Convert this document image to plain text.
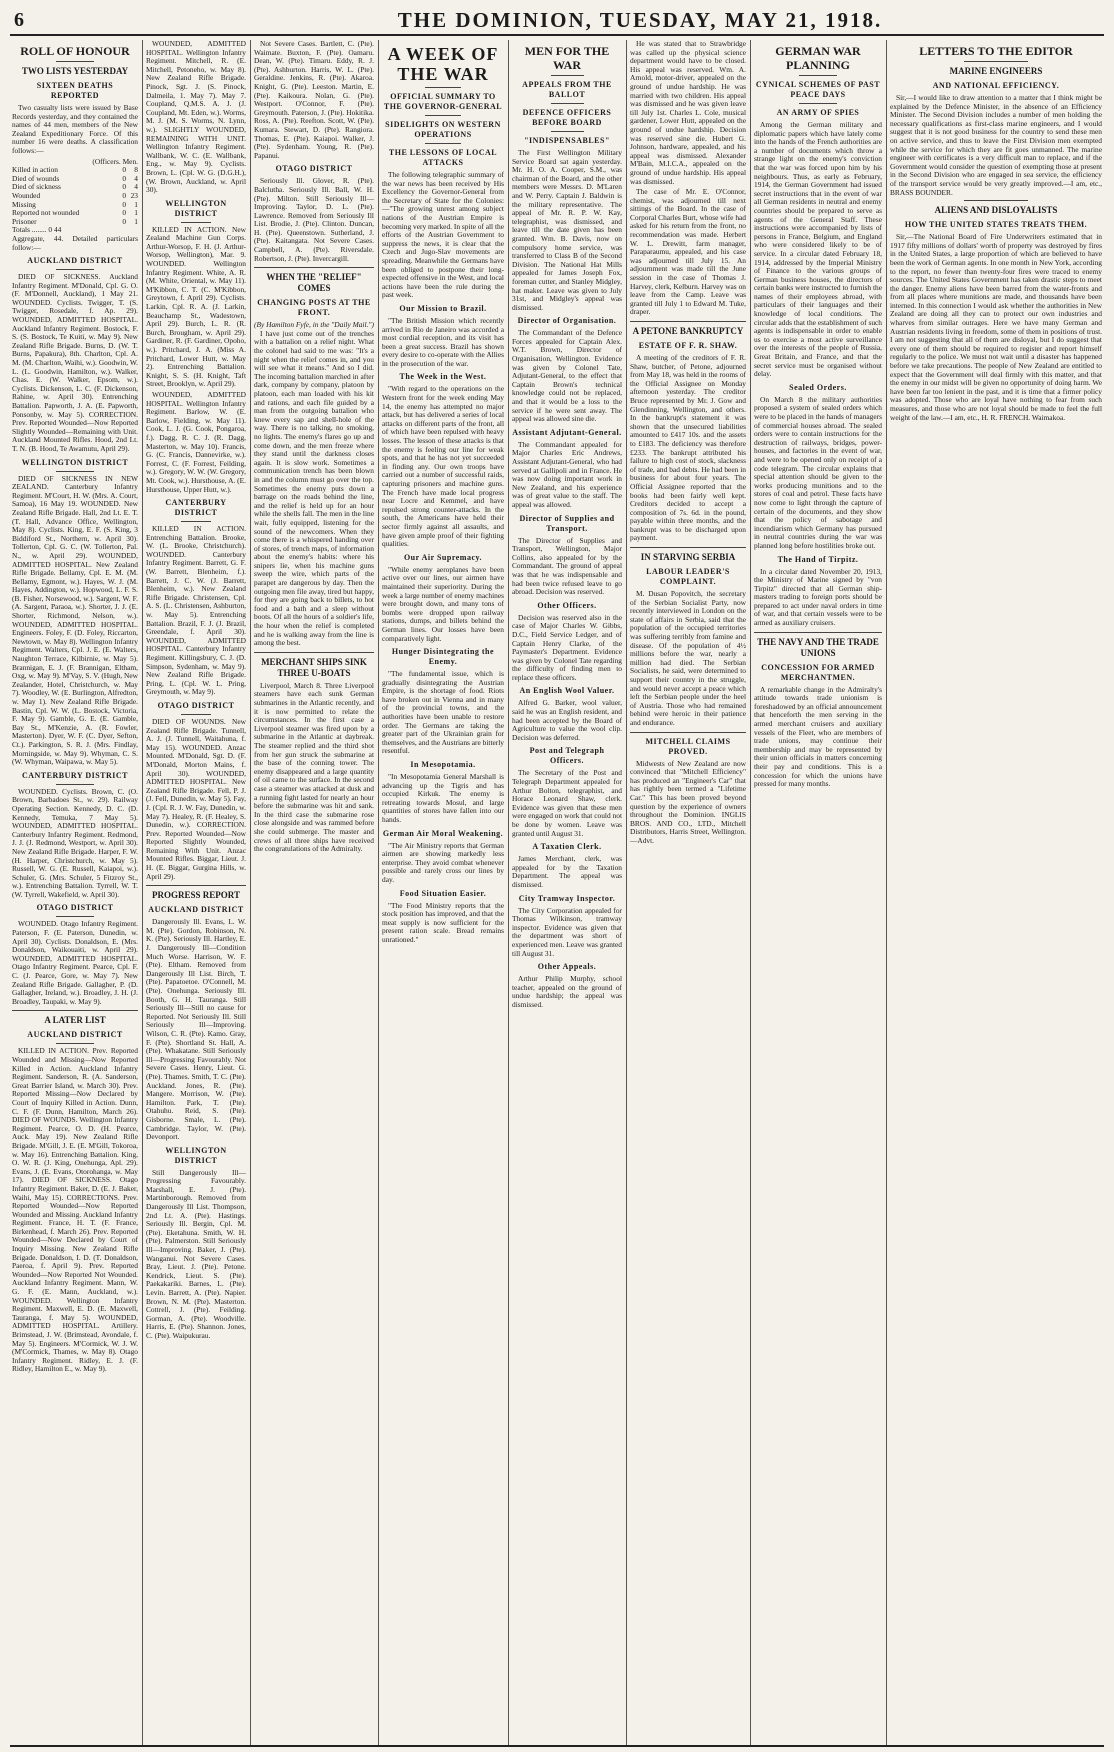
6	THE DOMINION, TUESDAY, MAY 21, 1918.
ROLL OF HONOUR
TWO LISTS YESTERDAY
SIXTEEN DEATHS REPORTED

Two casualty lists were issued by Base Records yesterday, and they contained the names of 44 men, members of the New Zealand Expeditionary Force. Of this number 16 were deaths. A classification follows:—

(Officers. Men.
Killed in action	0	8
Died of wounds	0	4
Died of sickness	0	4
Wounded	0	23
Missing	0	1
Reported not wounded	0	1
Prisoner	0	1
Totals ........ 0 44
Aggregate, 44. Detailed particulars follow:—
AUCKLAND DISTRICT

DIED OF SICKNESS. Auckland Infantry Regiment. M'Donald, Cpl. G. O. (F. M'Donnell, Auckland), 1 May 21. WOUNDED. Cyclists. Twigger, T. (S. Twigger, Rosedale, f. Ap. 29). WOUNDED, ADMITTED HOSPITAL. Auckland Infantry Regiment. Bostock, F. S. (S. Bostock, Te Kuiti, w. May 9). New Zealand Rifle Brigade. Burns, D. (W. T. Burns, Papakura), 8th. Charlton, Cpl. A. M. (M. Charlton, Waihi, w.). Goodwin, W. L. (L. Goodwin, Hamilton, w.). Walker, Chas. E. (W. Walker, Epsom, w.). Cyclists. Dickenson, L. C. (F. Dickenson, Rahine, w. April 30). Entrenching Battalion. Papworth, J. A. (E. Papworth, Ponsonby, w. May 5). CORRECTION. Prev. Reported Wounded—Now Reported Slightly Wounded—Remaining with Unit. Auckland Mounted Rifles. Hood, 2nd Lt. T. N. (B. Hood, Te Awamutu, April 29).

WELLINGTON DISTRICT

DIED OF SICKNESS IN NEW ZEALAND. Canterbury Infantry Regiment. M'Court, H. W. (Mrs. A. Court, Samoa), 16 May 19. WOUNDED. New Zealand Rifle Brigade. Hall, 2nd Lt. E. T. (T. Hall, Advance Office, Wellington, May 8). Cyclists. King, E. F. (S. King, 3 Biddiford St., Northern, w. April 30). Tollerton, Cpl. G. C. (W. Tollerton, Pal. N., w. April 29). WOUNDED, ADMITTED HOSPITAL. New Zealand Rifle Brigade. Bellamy, Cpl. E. M. (M. Bellamy, Egmont, w.). Hayes, W. J. (M. Hayes, Addington, w.). Hopwood, L. F. S. (B. Fisher, Norsewood, w.). Sargent, W. F. (A. Sargent, Paraoa, w.). Shorter, J. J. (E. Shorter, Richmond, Nelson, w.). WOUNDED, ADMITTED HOSPITAL. Engineers. Foley, F. (D. Foley, Riccarton, Newtown, w. May 8). Wellington Infantry Regiment. Walters, Cpl. J. E. (E. Walters, Naughton Terrace, Kilbirnie, w. May 5). Brannigan, E. J. (F. Brannigan, Eltham, Oxg, w. May 9). M'Vay, S. V. (Hugh, New Zealander, Hotel, Christchurch, w. May 7). Woodley, W. (E. Burlington, Alfredton, w. May 1). New Zealand Rifle Brigade. Bastin, Cpl. W. W. (L. Bostock, Victoria, F. May 9). Gamble, G. E. (E. Gamble, Bay St., M'Kenzie, A. (R. Fowler, Masterton). Dyer, W. F. (C. Dyer, Sefton, Ct.). Parkington, S. R. J. (Mrs. Findlay, Morningside, w. May 9). Whyman, C. S. (W. Whyman, Waipawa, w. May 5).

CANTERBURY DISTRICT

WOUNDED. Cyclists. Brown, C. (O. Brown, Barbadoes St., w. 29). Railway Operating Section. Kennedy, D. C. (D. Kennedy, Temuka, 7 May 5). WOUNDED, ADMITTED HOSPITAL. Canterbury Infantry Regiment. Redmond, J. J. (J. Redmond, Westport, w. April 30). New Zealand Rifle Brigade. Harper, F. W. (H. Harper, Christchurch, w. May 5). Russell, W. G. (E. Russell, Kaiapoi, w.). Schuler, G. (Mrs. Schuler, 5 Fitzroy St., w.). Entrenching Battalion. Tyrrell, W. T. (W. Tyrrell, Wakefield, w. April 30).

OTAGO DISTRICT

WOUNDED. Otago Infantry Regiment. Paterson, F. (E. Paterson, Dunedin, w. April 30). Cyclists. Donaldson, E. (Mrs. Donaldson, Waikouaiti, w. April 29). WOUNDED, ADMITTED HOSPITAL. Otago Infantry Regiment. Pearce, Cpl. F. C. (J. Pearce, Gore, w. May 7). New Zealand Rifle Brigade. Gallagher, P. (D. Gallagher, Ireland, w.). Broadley, J. H. (J. Broadley, Taupaki, w. May 9).

A LATER LIST
AUCKLAND DISTRICT

KILLED IN ACTION. Prev. Reported Wounded and Missing—Now Reported Killed in Action. Auckland Infantry Regiment. Sanderson, R. (A. Sanderson, Great Barrier Island, w. March 30). Prev. Reported Missing—Now Declared by Court of Inquiry Killed in Action. Dunn, C. F. (F. Dunn, Hamilton, March 26). DIED OF WOUNDS. Wellington Infantry Regiment. Pearce, O. D. (H. Pearce, Auck. May 19). New Zealand Rifle Brigade. M'Gill, J. E. (E. M'Gill, Tokoroa, w. May 16). Entrenching Battalion. King, O. W. R. (J. King, Onehunga, Apl. 29). Evans, J. (E. Evans, Otorohanga, w. May 17). DIED OF SICKNESS. Otago Infantry Regiment. Baker, D. (E. J. Baker, Waihi, May 15). CORRECTIONS. Prev. Reported Wounded—Now Reported Wounded and Missing. Auckland Infantry Regiment. France, H. T. (F. France, Birkenhead, f. March 26). Prev. Reported Wounded—Now Declared by Court of Inquiry Missing. New Zealand Rifle Brigade. Donaldson, I. D. (T. Donaldson, Paeroa, f. April 9). Prev. Reported Wounded—Now Reported Not Wounded. Auckland Infantry Regiment. Mann, W. G. F. (E. Mann, Auckland, w.). WOUNDED. Wellington Infantry Regiment. Maxwell, E. D. (E. Maxwell, Tauranga, f. May 5). WOUNDED, ADMITTED HOSPITAL. Artillery. Brimstead, J. W. (Brimstead, Avondale, f. May 5). Engineers. M'Cormick, W. J. W. (M'Cormick, Thames, w. May 8). Otago Infantry Regiment. Ridley, E. J. (F. Ridley, Hamilton E., w. May 9).

WOUNDED, ADMITTED HOSPITAL. Wellington Infantry Regiment. Mitchell, R. (E. Mitchell, Petoneho, w. May 8). New Zealand Rifle Brigade. Pinock, Sgt. J. (S. Pinock, Dalmeila, 1. May 7). May 7. Coupland, Q.M.S. A. J. (J. Coupland, Mt. Eden, w.). Worms, M. J. (M. S. Worms, N. Lynn, w.). SLIGHTLY WOUNDED, REMAINING WITH UNIT. Wellington Infantry Regiment. Wallbank, W. C. (E. Wallbank, Eng., w. May 9). Cyclists. Brown, L. (Cpl. W. G. (D.G.H.), (W. Brown, Auckland, w. April 30).

WELLINGTON DISTRICT

KILLED IN ACTION. New Zealand Machine Gun Corps. Arthur-Worsop, F. H. (J. Arthur-Worsop, Wellington), Mar. 9. WOUNDED. Wellington Infantry Regiment. White, A. R. (M. White, Oriental, w. May 11). M'Kibbon, C. T. (C. M'Kibbon, Greytown, f. April 29). Cyclists. Larkin, Cpl. R. A. (J. Larkin, Beauchamp St., Wadestown, April 29). Burch, L. R. (R. Burch, Brougham, w. April 29). Gardiner, R. (F. Gardiner, Opoho, w.). Pritchard, J. A. (Miss A. Pritchard, Lower Hutt, w. May 2). Entrenching Battalion. Knight, S. S. (H. Knight, Taft Street, Brooklyn, w. April 29).

WOUNDED, ADMITTED HOSPITAL. Wellington Infantry Regiment. Barlow, W. (E. Barlow, Fielding, w. May 11). Cook, L. J. (G. Cook, Pongaroa, f.). Dagg, R. C. J. (R. Dagg, Masterton, w. May 10). Francis, G. (C. Francis, Dannevirke, w.). Forrest, C. (F. Forrest, Feilding, w.). Gregory, W. W. (W. Gregory, Mt. Cook, w.). Hursthouse, A. (E. Hursthouse, Upper Hutt, w.).

CANTERBURY DISTRICT

KILLED IN ACTION. Entrenching Battalion. Brooke, W. (L. Brooke, Christchurch). WOUNDED. Canterbury Infantry Regiment. Barrett, G. F. (W. Barrett, Blenheim, f.). Barrett, J. C. W. (J. Barrett, Blenheim, w.). New Zealand Rifle Brigade. Christensen, Cpl. A. S. (L. Christensen, Ashburton, w. May 5). Entrenching Battalion. Brazil, F. J. (J. Brazil, Greendale, f. April 30). WOUNDED, ADMITTED HOSPITAL. Canterbury Infantry Regiment. Killingsbury, C. J. (D. Simpson, Sydenham, w. May 9). New Zealand Rifle Brigade. Pring, L. (Cpl. W. L. Pring, Greymouth, w. May 9).

OTAGO DISTRICT

DIED OF WOUNDS. New Zealand Rifle Brigade. Tunnell, A. J. (J. Tunnell, Waitahuna, f. May 15). WOUNDED. Anzac Mounted. M'Donald, Sgt. D. (F. M'Donald, Morton Mains, f. April 30). WOUNDED, ADMITTED HOSPITAL. New Zealand Rifle Brigade. Fell, P. J. (J. Fell, Dunedin, w. May 5). Fay, J. (Cpl. R. J. W. Fay, Dunedin, w. May 7). Healey, R. (F. Healey, S. Dunedin, w.). CORRECTION. Prev. Reported Wounded—Now Reported Slightly Wounded, Remaining With Unit. Anzac Mounted Rifles. Biggar, Lieut. J. H. (E. Biggar, Gurgina Hills, w. April 29).

PROGRESS REPORT
AUCKLAND DISTRICT

Dangerously Ill. Evans, L. W. M. (Pte). Gordon, Robinson, N. K. (Pte). Seriously Ill. Hartley, E. J. Dangerously Ill—Condition Much Worse. Harrison, W. F. (Pte). Eltham. Removed from Dangerously Ill List. Birch, T. (Pte). Papatoetoe. O'Connell, M. (Pte). Onehunga. Seriously Ill. Booth, G. H. Tauranga. Still Seriously Ill—Still no cause for Reported. Not Seriously Ill. Still Seriously Ill—Improving. Wilson, C. R. (Pte). Kamo. Gray, F. (Pte). Shortland St. Hall, A. (Pte). Whakatane. Still Seriously Ill—Progressing Favourably. Not Severe Cases. Henry, Lieut. G. (Pte). Thames. Smith, T. C. (Pte). Auckland. Jones, R. (Pte). Mangere. Morrison, W. (Pte). Hamilton. Park, T. (Pte). Otahuhu. Reid, S. (Pte). Gisborne. Smale, L. (Pte). Cambridge. Taylor, W. (Pte). Devonport.

WELLINGTON DISTRICT

Still Dangerously Ill—Progressing Favourably. Marshall, E. J. (Pte). Martinborough. Removed from Dangerously Ill List. Thompson, 2nd Lt. A. (Pte). Hastings. Seriously Ill. Bergin, Cpl. M. (Pte). Eketahuna. Smith, W. H. (Pte). Palmerston. Still Seriously Ill—Improving. Baker, J. (Pte). Wanganui. Not Severe Cases. Bray, Lieut. J. (Pte). Petone. Kendrick, Lieut. S. (Pte). Paekakariki. Barnes, L. (Pte). Levin. Barrett, A. (Pte). Napier. Brown, N. M. (Pte). Masterton. Cottrell, J. (Pte). Feilding. Gorman, A. (Pte). Woodville. Harris, E. (Pte). Shannon. Jones, C. (Pte). Waipukurau.

Not Severe Cases. Bartlett, C. (Pte). Waimate. Buxton, F. (Pte). Oamaru. Dean, W. (Pte). Timaru. Eddy, R. J. (Pte). Ashburton. Harris, W. L. (Pte). Geraldine. Jenkins, R. (Pte). Akaroa. Knight, G. (Pte). Leeston. Martin, E. (Pte). Kaikoura. Nolan, G. (Pte). Westport. O'Connor, F. (Pte). Greymouth. Paterson, J. (Pte). Hokitika. Ross, A. (Pte). Reefton. Scott, W. (Pte). Kumara. Stewart, D. (Pte). Rangiora. Thomas, E. (Pte). Kaiapoi. Walker, J. (Pte). Sydenham. Young, R. (Pte). Papanui.

OTAGO DISTRICT

Seriously Ill. Glover, R. (Pte). Balclutha. Seriously Ill. Ball, W. H. (Pte). Milton. Still Seriously Ill—Improving. Taylor, D. L. (Pte). Lawrence. Removed from Seriously Ill List. Brodie, J. (Pte). Clinton. Duncan, H. (Pte). Queenstown. Sutherland, J. (Pte). Kaitangata. Not Severe Cases. Campbell, A. (Pte). Riversdale. Robertson, J. (Pte). Invercargill.

WHEN THE "RELIEF" COMES
CHANGING POSTS AT THE FRONT.
(By Hamilton Fyfe, in the "Daily Mail.")

I have just come out of the trenches with a battalion on a relief night. What the colonel had said to me was: "It's a night when the relief comes in, and you will see what it means." And so I did. The incoming battalion marched in after dark, company by company, platoon by platoon, each man loaded with his kit and rations, and each file guided by a man from the outgoing battalion who knew every sap and shell-hole of the way. There is no talking, no smoking, no lights. The enemy's flares go up and come down, and the men freeze where they stand until the darkness closes again. It is slow work. Sometimes a communication trench has been blown in and the column must go over the top. Sometimes the enemy puts down a barrage on the roads behind the line, and the relief is held up for an hour while the shells fall. The men in the line wait, fully equipped, listening for the sound of the newcomers. When they come there is a whispered handing over of stores, of trench maps, of information about the enemy's habits: where his snipers lie, when his machine guns sweep the wire, which parts of the parapet are dangerous by day. Then the outgoing men file away, tired but happy, for they are going back to billets, to hot food and a bath and a sleep without boots. Of all the hours of a soldier's life, the hour when the relief is completed and he is walking away from the line is among the best.

MERCHANT SHIPS SINK THREE U-BOATS

Liverpool, March 8. Three Liverpool steamers have each sunk German submarines in the Atlantic recently, and it is now permitted to relate the circumstances. In the first case a Liverpool steamer was fired upon by a submarine in the Atlantic at daybreak. The steamer replied and the third shot from her gun struck the submarine at the base of the conning tower. The enemy disappeared and a large quantity of oil came to the surface. In the second case a steamer was attacked at dusk and a running fight lasted for nearly an hour before the submarine was hit and sank. In the third case the submarine rose close alongside and was rammed before she could submerge. The master and crews of all three ships have received the congratulations of the Admiralty.

A WEEK OF THE WAR
OFFICIAL SUMMARY TO THE GOVERNOR-GENERAL
SIDELIGHTS ON WESTERN OPERATIONS
THE LESSONS OF LOCAL ATTACKS

The following telegraphic summary of the war news has been received by His Excellency the Governor-General from the Secretary of State for the Colonies:—"The growing unrest among subject nations of the Austrian Empire is becoming very marked. In spite of all the efforts of the Austrian Government to suppress the news, it is clear that the Czech and Jugo-Slav movements are spreading. Meanwhile the Germans have been obliged to postpone their long-expected offensive in the West, and local actions have been the rule during the past week.

Our Mission to Brazil.

"The British Mission which recently arrived in Rio de Janeiro was accorded a most cordial reception, and its visit has been a great success. Brazil has shown every desire to co-operate with the Allies in the prosecution of the war.

The Week in the West.

"With regard to the operations on the Western front for the week ending May 14, the enemy has attempted no major attack, but has delivered a series of local attacks on different parts of the front, all of which have been repulsed with heavy losses. The lesson of these attacks is that the enemy is feeling our line for weak spots, and that he has not yet succeeded in finding any. Our own troops have carried out a number of successful raids, capturing prisoners and machine guns. The French have made local progress near Locre and Kemmel, and have repulsed strong counter-attacks. In the south, the Americans have held their sector firmly against all assaults, and have given ample proof of their fighting qualities.

Our Air Supremacy.

"While enemy aeroplanes have been active over our lines, our airmen have maintained their superiority. During the week a large number of enemy machines were brought down, and many tons of bombs were dropped upon railway stations, dumps, and billets behind the German lines. Our losses have been comparatively light.

Hunger Disintegrating the Enemy.

"The fundamental issue, which is gradually disintegrating the Austrian Empire, is the shortage of food. Riots have broken out in Vienna and in many of the provincial towns, and the authorities have been unable to restore order. The Germans are taking the greater part of the Ukrainian grain for themselves, and the Austrians are bitterly resentful.

In Mesopotamia.

"In Mesopotamia General Marshall is advancing up the Tigris and has occupied Kirkuk. The enemy is retreating towards Mosul, and large quantities of stores have fallen into our hands.

German Air Moral Weakening.

"The Air Ministry reports that German airmen are showing markedly less enterprise. They avoid combat whenever possible and rarely cross our lines by day.

Food Situation Easier.

"The Food Ministry reports that the stock position has improved, and that the meat supply is now sufficient for the present ration scale. Bread remains unrationed."

MEN FOR THE WAR
APPEALS FROM THE BALLOT
DEFENCE OFFICERS BEFORE BOARD
"INDISPENSABLES"

The First Wellington Military Service Board sat again yesterday. Mr. H. O. A. Cooper, S.M., was chairman of the Board, and the other members were Messrs. D. M'Laren and W. Perry. Captain J. Baldwin is the military representative. The appeal of Mr. R. P. W. Kay, telegraphist, was dismissed, and leave till the date given has been granted. Wm. B. Davis, now on compulsory home service, was transferred to Class B of the Second Division. The National Hat Mills appealed for James Joseph Fox, foreman cutter, and Stanley Midgley, hat maker. Leave was given to July 31st, and Midgley's appeal was dismissed.

Director of Organisation.

The Commandant of the Defence Forces appealed for Captain Alex. W.T. Brown, Director of Organisation, Wellington. Evidence was given by Colonel Tate, Adjutant-General, to the effect that Captain Brown's technical knowledge could not be replaced, and that it would be a loss to the service if he were sent away. The appeal was allowed sine die.

Assistant Adjutant-General.

The Commandant appealed for Major Charles Eric Andrews, Assistant Adjutant-General, who had served at Gallipoli and in France. He was now doing important work in New Zealand, and his experience was of great value to the staff. The appeal was allowed.

Director of Supplies and Transport.

The Director of Supplies and Transport, Wellington, Major Collins, also appealed for by the Commandant. The ground of appeal was that he was indispensable and had been twice refused leave to go abroad. Decision was reserved.

Other Officers.

Decision was reserved also in the case of Major Charles W. Gibbs, D.C., Field Service Ledger, and of Captain Henry Clarke, of the Paymaster's Department. Evidence was given by Colonel Tate regarding the difficulty of finding men to replace these officers.

An English Wool Valuer.

Alfred G. Barker, wool valuer, said he was an English resident, and had been accepted by the Board of Agriculture to value the wool clip. Decision was deferred.

Post and Telegraph Officers.

The Secretary of the Post and Telegraph Department appealed for Arthur Bolton, telegraphist, and Horace Leonard Shaw, clerk. Evidence was given that these men were engaged on work that could not be done by women. Leave was granted until August 31.

A Taxation Clerk.

James Merchant, clerk, was appealed for by the Taxation Department. The appeal was dismissed.

City Tramway Inspector.

The City Corporation appealed for Thomas Wilkinson, tramway inspector. Evidence was given that the department was short of experienced men. Leave was granted till August 31.

Other Appeals.

Arthur Philip Murphy, school teacher, appealed on the ground of undue hardship; the appeal was dismissed.

He was stated that to Strawbridge was called up the physical science department would have to be closed. His appeal was reserved. Wm. A. Arnold, motor-driver, appealed on the ground of undue hardship. He was married with two children. His appeal was dismissed and he was given leave till July 1st. Charles L. Cole, musical gardener, Lower Hutt, appealed on the ground of undue hardship. Decision was reserved sine die. Hubert G. Johnson, hardware, appealed, and his appeal was dismissed. Alexander M'Bain, M.I.C.A., appealed on the ground of undue hardship. His appeal was dismissed.

The case of Mr. E. O'Connor, chemist, was adjourned till next sittings of the Board. In the case of Corporal Charles Burt, whose wife had asked for his return from the front, no recommendation was made. Herbert W. L. Drewitt, farm manager, Paraparaumu, appealed, and his case was adjourned till July 15. An adjournment was made till the June session in the case of Thomas J. Harvey, clerk, Kelburn. Harvey was on leave from the Camp. Leave was granted till July 1 to Edward M. Tuke, draper.

A PETONE BANKRUPTCY
ESTATE OF F. R. SHAW.

A meeting of the creditors of F. R. Shaw, butcher, of Petone, adjourned from May 18, was held in the rooms of the Official Assignee on Monday afternoon yesterday. The creditor Bruce represented by Mr. J. Gow and Glendinning, Wellington, and others. In the bankrupt's statement it was shown that the unsecured liabilities amounted to £417 10s. and the assets to £183. The deficiency was therefore £233. The bankrupt attributed his failure to high cost of stock, slackness of trade, and bad debts. He had been in business for about four years. The Official Assignee reported that the books had been fairly well kept. Creditors decided to accept a composition of 7s. 6d. in the pound, payable within three months, and the bankrupt was to be discharged upon payment.

IN STARVING SERBIA
LABOUR LEADER'S COMPLAINT.

M. Dusan Popovitch, the secretary of the Serbian Socialist Party, now recently interviewed in London on the state of affairs in Serbia, said that the population of the occupied territories was suffering terribly from famine and disease. Of the population of 4½ millions before the war, nearly a million had died. The Serbian Socialists, he said, were determined to support their country in the struggle, and would never accept a peace which left the Serbian people under the heel of Austria. Those who had remained behind were heroic in their patience and endurance.

MITCHELL CLAIMS PROVED.

Midwests of New Zealand are now convinced that "Mitchell Efficiency" has produced an "Engineer's Car" that has rightly been termed a "Lifetime Car." This has been proved beyond question by the experience of owners throughout the Dominion. INGLIS BROS. AND CO., LTD., Mitchell Distributors, Harris Street, Wellington.—Advt.

GERMAN WAR PLANNING
CYNICAL SCHEMES OF PAST PEACE DAYS
AN ARMY OF SPIES

Among the German military and diplomatic papers which have lately come into the hands of the French authorities are a number of documents which throw a strange light on the enemy's conviction that the war was forced upon him by his neighbours. Thus, as early as February, 1914, the German Government had issued secret instructions that in the event of war all German residents in neutral and enemy countries should be prepared to serve as agents of the General Staff. These instructions were accompanied by lists of persons in France, Belgium, and England who were considered likely to be of service. In a circular dated February 18, 1914, addressed by the Imperial Ministry of Finance to the various groups of German business houses, the directors of certain banks were instructed to furnish the names of their employees abroad, with particulars of their languages and their knowledge of local conditions. The circular adds that the establishment of such agents is indispensable in order to enable us to exercise a most active surveillance over the interests of the people of Russia, Great Britain, and France, and that the secret service must be organised without delay.

Sealed Orders.

On March 8 the military authorities proposed a system of sealed orders which were to be placed in the hands of managers of commercial houses abroad. The sealed orders were to contain instructions for the destruction of railways, bridges, power-houses, and factories in the event of war, and were to be opened only on receipt of a code telegram. The circular explains that special attention should be given to the works producing munitions and to the stores of coal and petrol. These facts have now come to light through the capture of certain of the documents, and they show that the policy of sabotage and incendiarism which Germany has pursued in neutral countries during the war was planned long before hostilities broke out.

The Hand of Tirpitz.

In a circular dated November 20, 1913, the Ministry of Marine signed by "von Tirpitz" directed that all German ship-masters trading to foreign ports should be prepared to act under naval orders in time of war, and that certain vessels were to be armed as auxiliary cruisers.

THE NAVY AND THE TRADE UNIONS
CONCESSION FOR ARMED MERCHANTMEN.

A remarkable change in the Admiralty's attitude towards trade unionism is foreshadowed by an official announcement that henceforth the men serving in the armed merchant cruisers and auxiliary vessels of the Fleet, who are members of trade unions, may continue their membership and may be represented by their union officials in matters concerning their pay and conditions. This is a concession for which the unions have pressed for many months.

LETTERS TO THE EDITOR
MARINE ENGINEERS
AND NATIONAL EFFICIENCY.

Sir,—I would like to draw attention to a matter that I think might be explained by the Defence Minister, in the absence of an Efficiency Minister. The Second Division includes a number of men holding the necessary qualifications as first-class marine engineers, and I would suggest that it is not good business for the country to send these men on active service, and thus to leave the First Division men exempted while the service for which they are fit goes unmanned. The marine engineer with certificates is a very difficult man to replace, and if the Government would consider the question of exempting those at present in the Second Division who are engaged in sea service, the efficiency of the transport service would be very greatly improved.—I am, etc., BRASS BOUNDER.

ALIENS AND DISLOYALISTS
HOW THE UNITED STATES TREATS THEM.

Sir,—The National Board of Fire Underwriters estimated that in 1917 fifty millions of dollars' worth of property was destroyed by fires in the United States, a large proportion of which are believed to have been the work of German agents. In one month in New York, according to the report, no fewer than twenty-four fires were traced to enemy sources. The United States Government has taken drastic steps to meet the danger. Enemy aliens have been barred from the water-fronts and from all places where munitions are made, and thousands have been interned. In this connection I would ask whether the authorities in New Zealand are doing all they can to protect our own industries and wharves from similar outrages. Here we have many German and Austrian residents living in freedom, some of them in positions of trust. I am not suggesting that all of them are disloyal, but I do suggest that every one of them should be required to register and report himself regularly to the police. We must not wait until a disaster has happened before we take precautions. The people of New Zealand are entitled to expect that the Government will deal firmly with this matter, and that the enemy in our midst will be given no opportunity of doing harm. We have been far too lenient in the past, and it is time that a firmer policy was adopted. Those who are loyal have nothing to fear from such measures, and those who are not loyal should be made to feel the full weight of the law.—I am, etc., H. R. FRENCH. Waimakoa.
